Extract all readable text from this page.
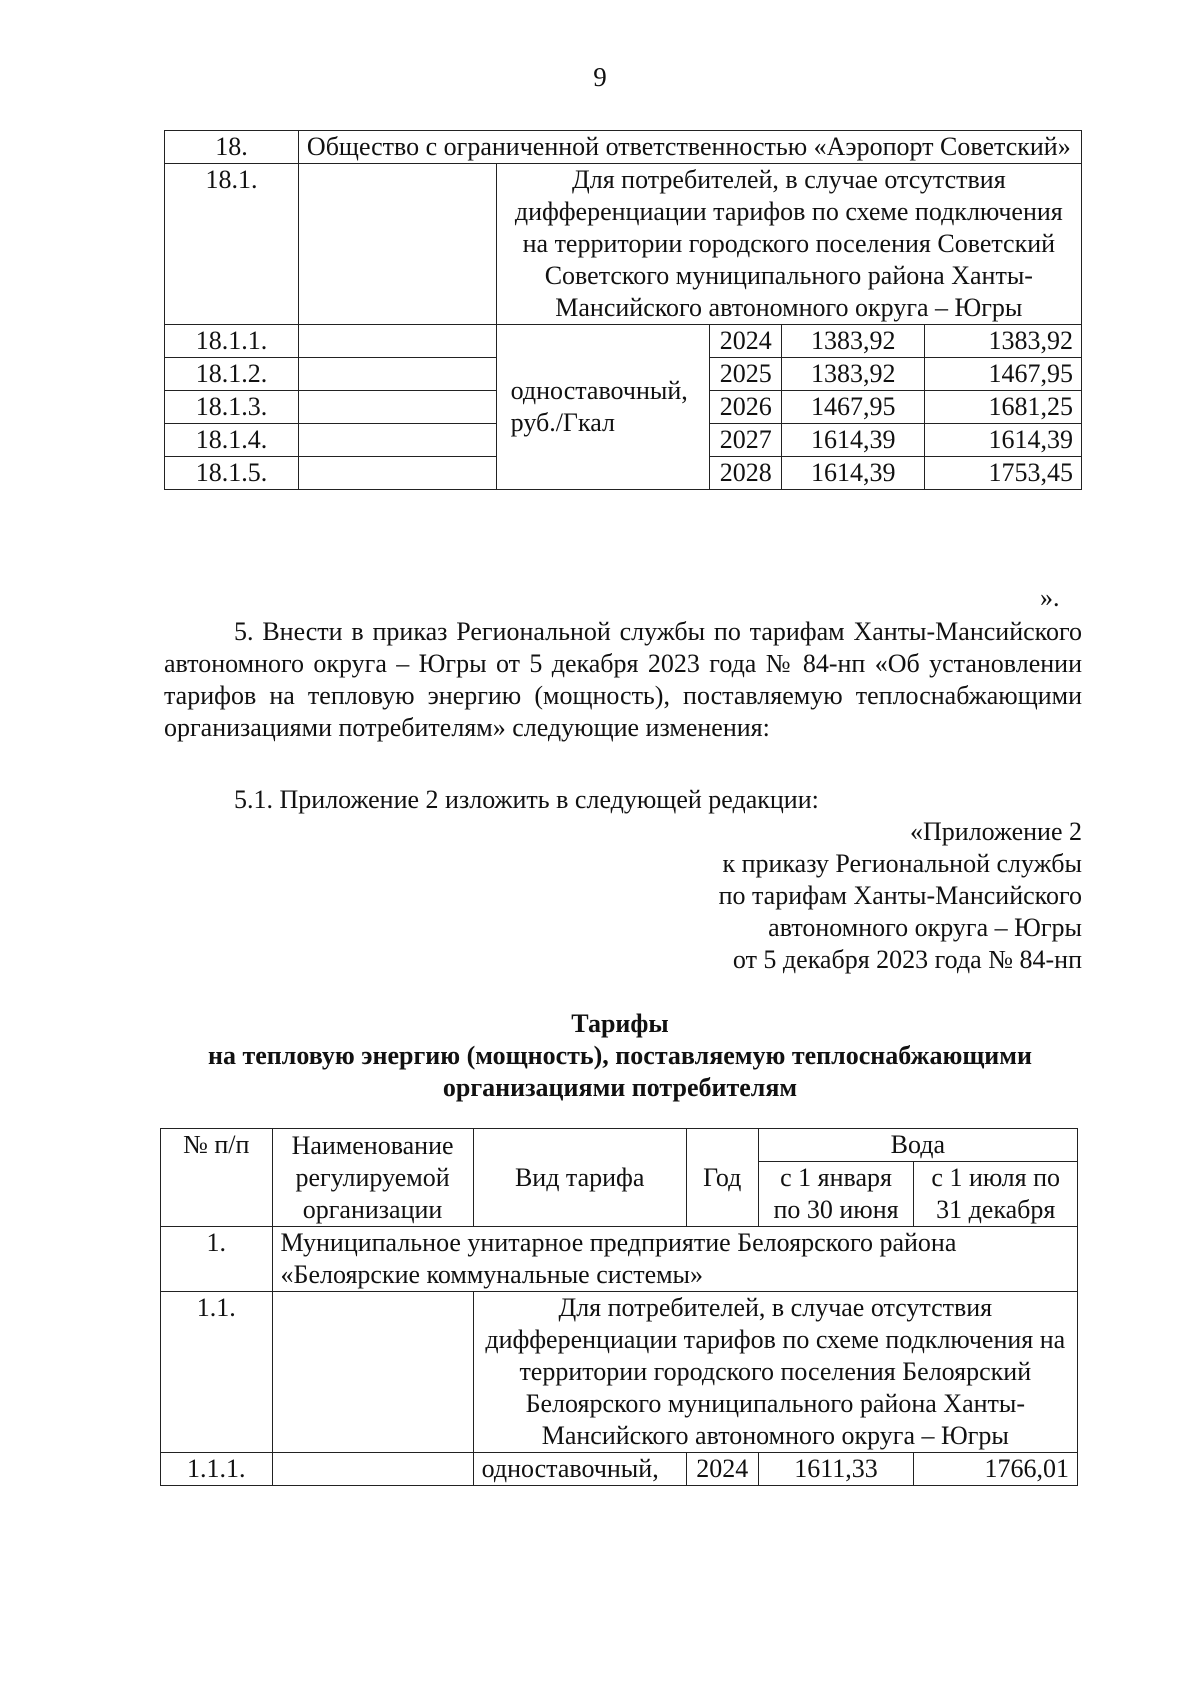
9
18.	Общество с ограниченной ответственностью «Аэропорт Советский»				
18.1.		Для потребителей, в случае отсутствия дифференциации тарифов по схеме подключения на территории городского поселения Советский Советского муниципального района Ханты-Мансийского автономного округа – Югры			
18.1.1.		одноставочный, руб./Гкал	2024	1383,92	1383,92
18.1.2.			2025	1383,92	1467,95
18.1.3.			2026	1467,95	1681,25
18.1.4.			2027	1614,39	1614,39
18.1.5.			2028	1614,39	1753,45
».

5. Внести в приказ Региональной службы по тарифам Ханты-Мансийского автономного округа – Югры от 5 декабря 2023 года № 84-нп «Об установлении тарифов на тепловую энергию (мощность), поставляемую теплоснабжающими организациями потребителям» следующие изменения:

5.1. Приложение 2 изложить в следующей редакции:

«Приложение 2
к приказу Региональной службы
по тарифам Ханты-Мансийского
автономного округа – Югры
от 5 декабря 2023 года № 84-нп
Тарифы
на тепловую энергию (мощность), поставляемую теплоснабжающими
организациями потребителям
№ п/п	Наименование регулируемой организации	Вид тарифа	Год	Вода	
				с 1 января по 30 июня	с 1 июля по 31 декабря
1.	Муниципальное унитарное предприятие Белоярского района «Белоярские коммунальные системы»				
1.1.		Для потребителей, в случае отсутствия дифференциации тарифов по схеме подключения на территории городского поселения Белоярский Белоярского муниципального района Ханты-Мансийского автономного округа – Югры			
1.1.1.		одноставочный,	2024	1611,33	1766,01
